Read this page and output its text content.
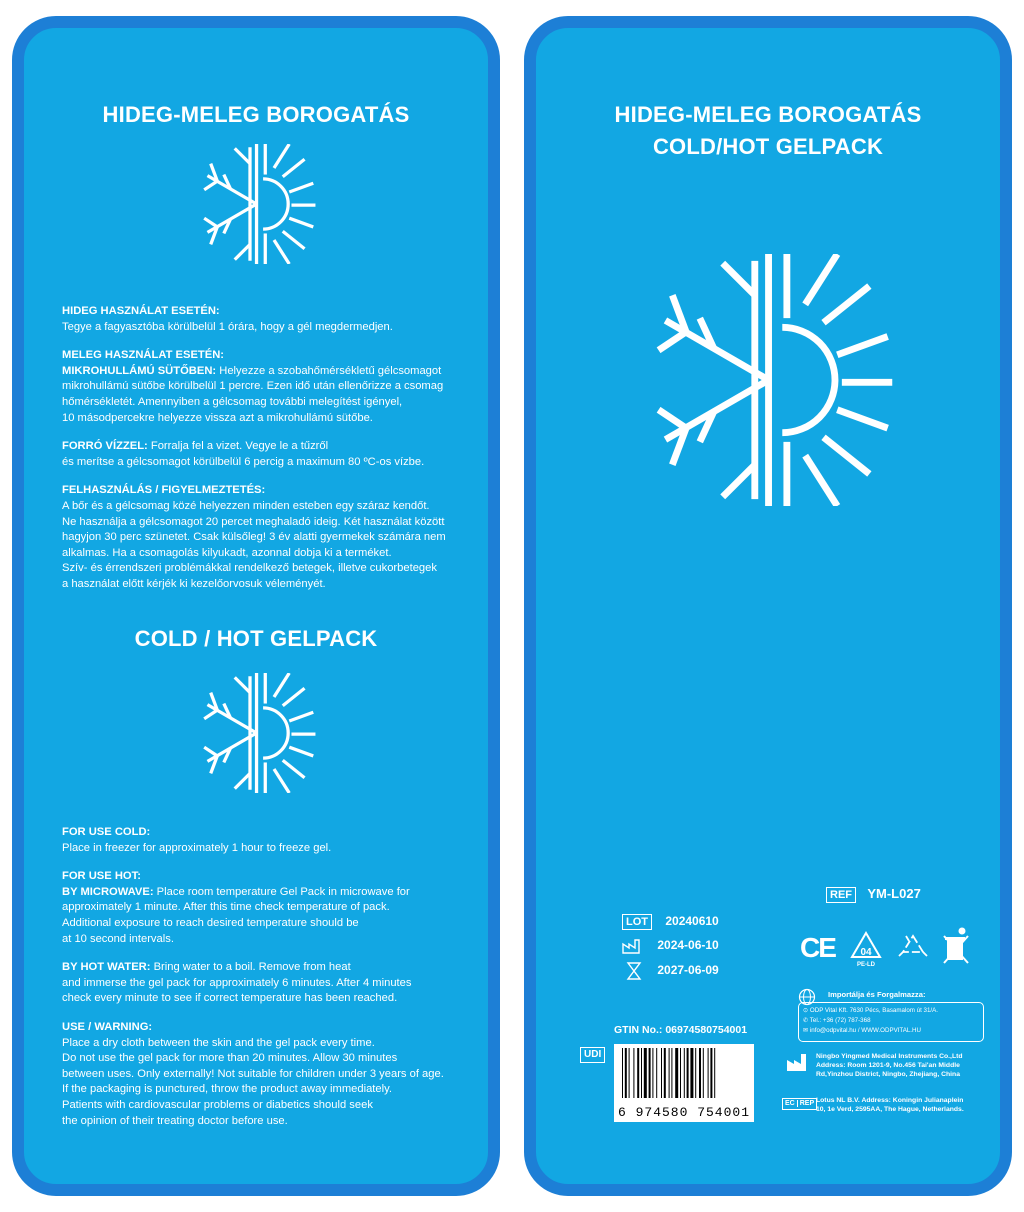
HIDEG-MELEG BOROGATÁS

HIDEG HASZNÁLAT ESETÉN:

Tegye a fagyasztóba körülbelül 1 órára, hogy a gél megdermedjen.

MELEG HASZNÁLAT ESETÉN:

MIKROHULLÁMÚ SÜTŐBEN: Helyezze a szobahőmérsékletű gélcsomagot

mikrohullámú sütőbe körülbelül 1 percre. Ezen idő után ellenőrizze a csomag

hőmérsékletét. Amennyiben a gélcsomag további melegítést igényel,

10 másodpercekre helyezze vissza azt a mikrohullámú sütőbe.

FORRÓ VÍZZEL: Forralja fel a vizet. Vegye le a tűzről

és merítse a gélcsomagot körülbelül 6 percig a maximum 80 ºC-os vízbe.

FELHASZNÁLÁS / FIGYELMEZTETÉS:

A bőr és a gélcsomag közé helyezzen minden esteben egy száraz kendőt.

Ne használja a gélcsomagot 20 percet meghaladó ideig. Két használat között

hagyjon 30 perc szünetet. Csak külsőleg! 3 év alatti gyermekek számára nem

alkalmas. Ha a csomagolás kilyukadt, azonnal dobja ki a terméket.

Szív- és érrendszeri problémákkal rendelkező betegek, illetve cukorbetegek

a használat előtt kérjék ki kezelőorvosuk véleményét.

COLD / HOT GELPACK

FOR USE COLD:

Place in freezer for approximately 1 hour to freeze gel.

FOR USE HOT:

BY MICROWAVE: Place room temperature Gel Pack in microwave for

approximately 1 minute. After this time check temperature of pack.

Additional exposure to reach desired temperature should be

at 10 second intervals.

BY HOT WATER: Bring water to a boil. Remove from heat

and immerse the gel pack for approximately 6 minutes. After 4 minutes

check every minute to see if correct temperature has been reached.

USE / WARNING:

Place a dry cloth between the skin and the gel pack every time.

Do not use the gel pack for more than 20 minutes. Allow 30 minutes

between uses. Only externally! Not suitable for children under 3 years of age.

If the packaging is punctured, throw the product away immediately.

Patients with cardiovascular problems or diabetics should seek

the opinion of their treating doctor before use.

HIDEG-MELEG BOROGATÁS
COLD/HOT GELPACK
REF YM-L027
LOT 20240610
2024-06-10
2027-06-09
CE	04
PE-LD
Importálja és Forgalmazza:
⊙ ODP Vital Kft. 7630 Pécs, Basamalom út 31/A.
✆ Tel.: +36 (72) 787-368
✉ info@odpvital.hu / WWW.ODPVITAL.HU
GTIN No.: 06974580754001
UDI
6 974580 754001
Ningbo Yingmed Medical Instruments Co.,Ltd
Address: Room 1201-9, No.456 Tai'an Middle
Rd,Yinzhou District, Ningbo, Zhejiang, China
EC REP Lotus NL B.V. Address: Koningin Julianaplein
10, 1e Verd, 2595AA, The Hague, Netherlands.
